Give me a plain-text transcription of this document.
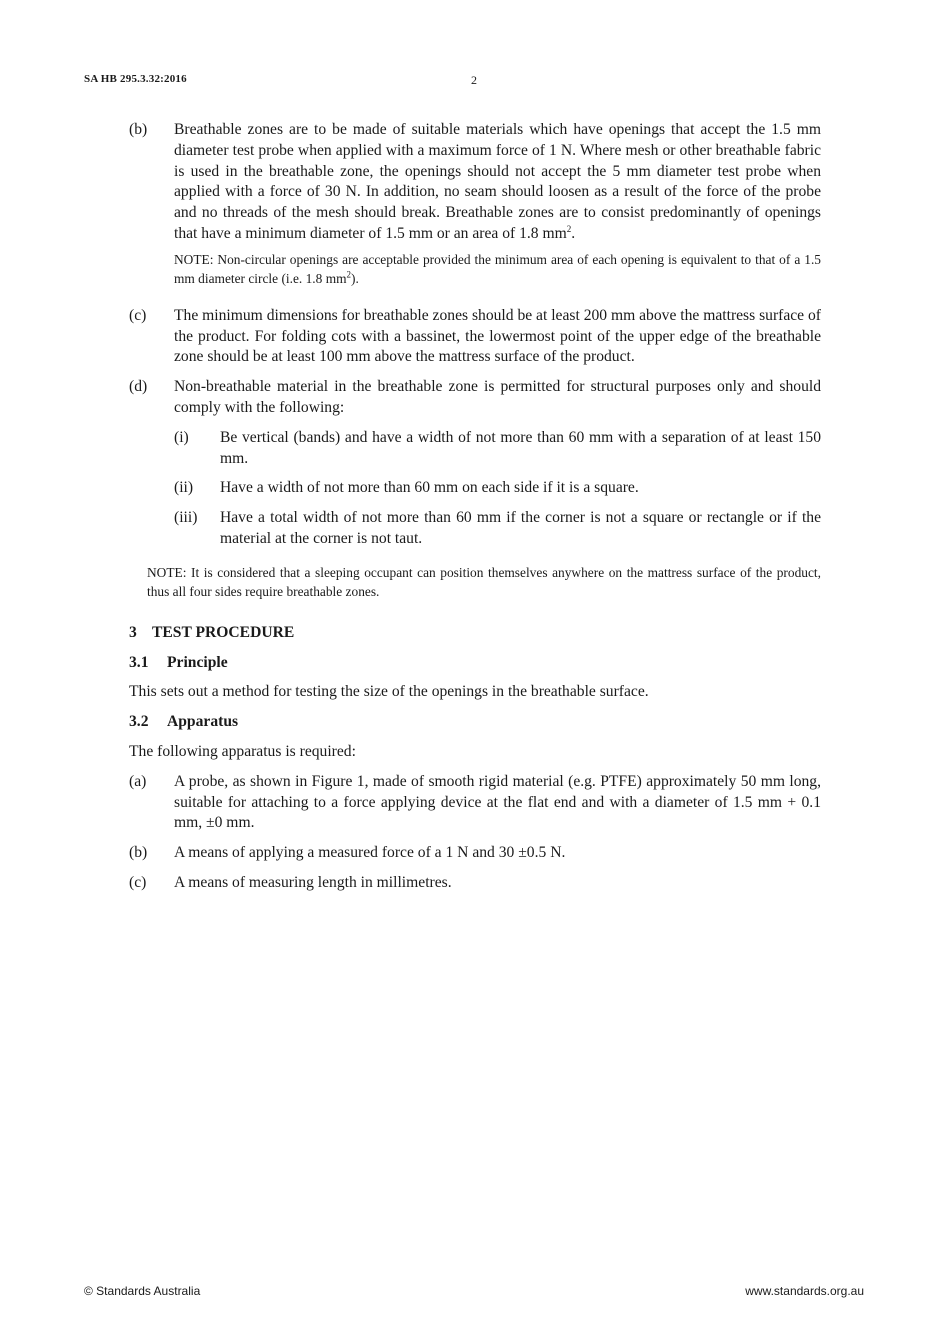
SA HB 295.3.32:2016	2
(b)	Breathable zones are to be made of suitable materials which have openings that accept the 1.5 mm diameter test probe when applied with a maximum force of 1 N. Where mesh or other breathable fabric is used in the breathable zone, the openings should not accept the 5 mm diameter test probe when applied with a force of 30 N. In addition, no seam should loosen as a result of the force of the probe and no threads of the mesh should break. Breathable zones are to consist predominantly of openings that have a minimum diameter of 1.5 mm or an area of 1.8 $mm^2$.
NOTE: Non-circular openings are acceptable provided the minimum area of each opening is equivalent to that of a 1.5 mm diameter circle (i.e. 1.8 $mm^2$).
(c)	The minimum dimensions for breathable zones should be at least 200 mm above the mattress surface of the product. For folding cots with a bassinet, the lowermost point of the upper edge of the breathable zone should be at least 100 mm above the mattress surface of the product.
(d)	Non-breathable material in the breathable zone is permitted for structural purposes only and should comply with the following:
(i)	Be vertical (bands) and have a width of not more than 60 mm with a separation of at least 150 mm.
(ii)	Have a width of not more than 60 mm on each side if it is a square.
(iii)	Have a total width of not more than 60 mm if the corner is not a square or rectangle or if the material at the corner is not taut.
NOTE: It is considered that a sleeping occupant can position themselves anywhere on the mattress surface of the product, thus all four sides require breathable zones.
3 TEST PROCEDURE
3.1 Principle
This sets out a method for testing the size of the openings in the breathable surface.
3.2 Apparatus
The following apparatus is required:
(a)	A probe, as shown in Figure 1, made of smooth rigid material (e.g. PTFE) approximately 50 mm long, suitable for attaching to a force applying device at the flat end and with a diameter of 1.5 mm + 0.1 mm, ±0 mm.
(b)	A means of applying a measured force of a 1 N and 30 ±0.5 N.
(c)	A means of measuring length in millimetres.
© Standards Australia	www.standards.org.au
